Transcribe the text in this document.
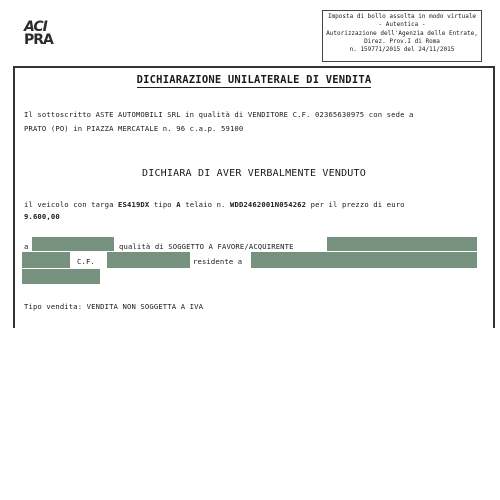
ACI
PRA
Imposta di bollo assolta in modo virtuale
- Autentica -
Autorizzazione dell'Agenzia delle Entrate,
Direz. Prov.I di Roma
n. 159771/2015 del 24/11/2015
DICHIARAZIONE UNILATERALE DI VENDITA
Il sottoscritto ASTE AUTOMOBILI SRL in qualità di VENDITORE C.F. 02365630975 con sede a
PRATO (PO) in PIAZZA MERCATALE n. 96 c.a.p. 59100
DICHIARA DI AVER VERBALMENTE VENDUTO
il veicolo con targa ES419DX tipo A telaio n. WDD2462001N054262 per il prezzo di euro
9.600,00
a	qualità di SOGGETTO A FAVORE/ACQUIRENTE
C.F.	residente a
Tipo vendita: VENDITA NON SOGGETTA A IVA
